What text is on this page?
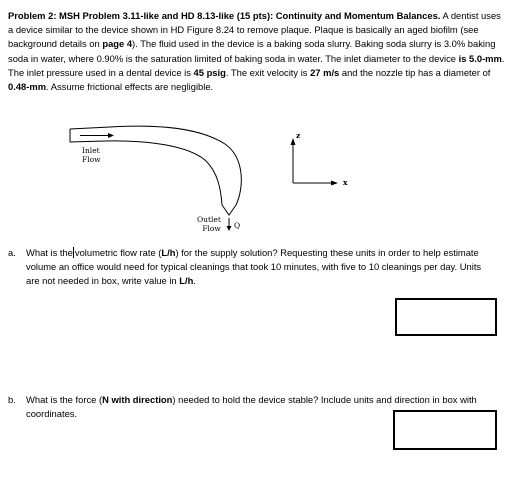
Problem 2: MSH Problem 3.11-like and HD 8.13-like (15 pts): Continuity and Momentum Balances. A dentist uses a device similar to the device shown in HD Figure 8.24 to remove plaque. Plaque is basically an aged biofilm (see background details on page 4). The fluid used in the device is a baking soda slurry. Baking soda slurry is 3.0% baking soda in water, where 0.90% is the saturation limited of baking soda in water. The inlet diameter to the device is 5.0-mm. The inlet pressure used in a dental device is 45 psig. The exit velocity is 27 m/s and the nozzle tip has a diameter of 0.48-mm. Assume frictional effects are negligible.

Inlet
Flow
Outlet
Flow Q
z
x
a. What is the volumetric flow rate (L/h) for the supply solution? Requesting these units in order to help estimate volume an office would need for typical cleanings that took 10 minutes, with five to 10 cleanings per day. Units are not needed in box, write value in L/h.
b. What is the force (N with direction) needed to hold the device stable? Include units and direction in box with coordinates.
